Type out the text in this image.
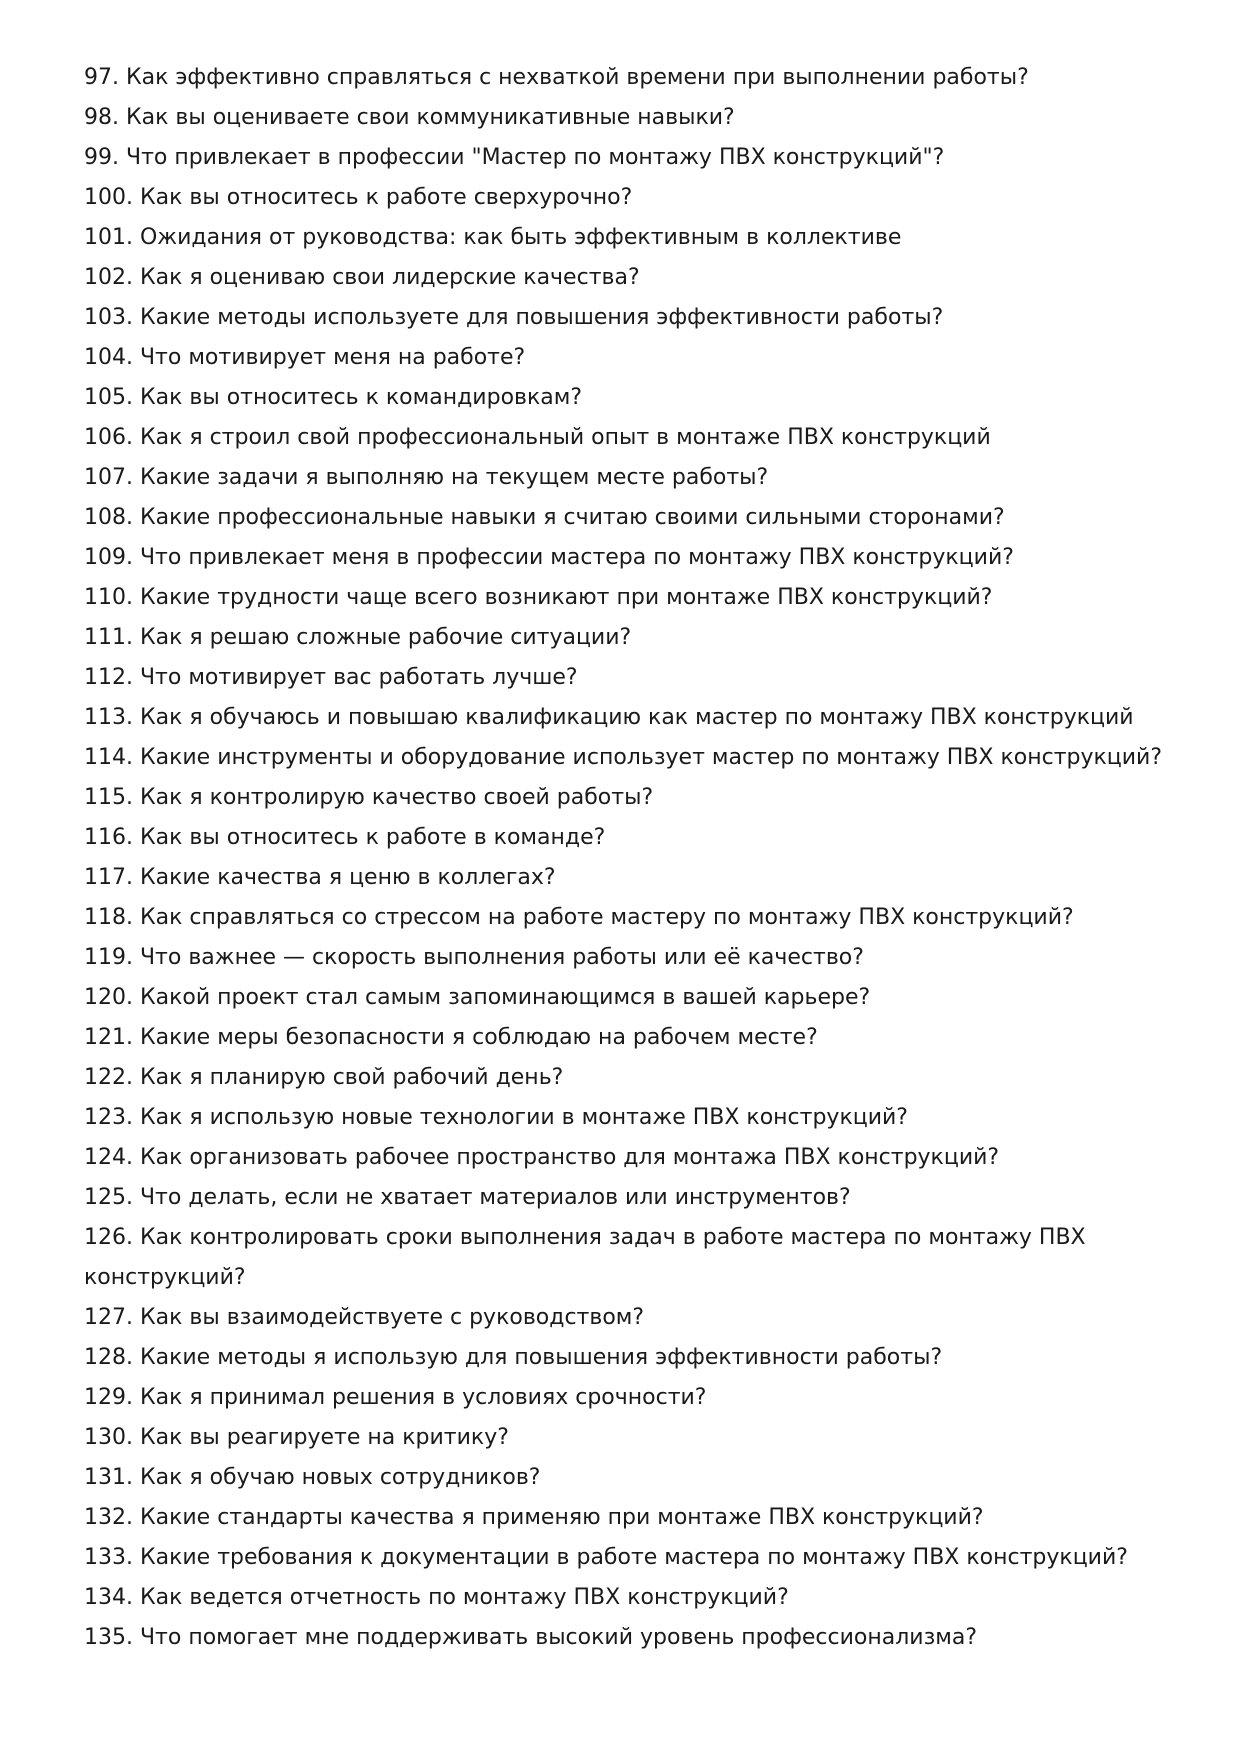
97. Как эффективно справляться с нехваткой времени при выполнении работы?
98. Как вы оцениваете свои коммуникативные навыки?
99. Что привлекает в профессии "Мастер по монтажу ПВХ конструкций"?
100. Как вы относитесь к работе сверхурочно?
101. Ожидания от руководства: как быть эффективным в коллективе
102. Как я оцениваю свои лидерские качества?
103. Какие методы используете для повышения эффективности работы?
104. Что мотивирует меня на работе?
105. Как вы относитесь к командировкам?
106. Как я строил свой профессиональный опыт в монтаже ПВХ конструкций
107. Какие задачи я выполняю на текущем месте работы?
108. Какие профессиональные навыки я считаю своими сильными сторонами?
109. Что привлекает меня в профессии мастера по монтажу ПВХ конструкций?
110. Какие трудности чаще всего возникают при монтаже ПВХ конструкций?
111. Как я решаю сложные рабочие ситуации?
112. Что мотивирует вас работать лучше?
113. Как я обучаюсь и повышаю квалификацию как мастер по монтажу ПВХ конструкций
114. Какие инструменты и оборудование использует мастер по монтажу ПВХ конструкций?
115. Как я контролирую качество своей работы?
116. Как вы относитесь к работе в команде?
117. Какие качества я ценю в коллегах?
118. Как справляться со стрессом на работе мастеру по монтажу ПВХ конструкций?
119. Что важнее — скорость выполнения работы или её качество?
120. Какой проект стал самым запоминающимся в вашей карьере?
121. Какие меры безопасности я соблюдаю на рабочем месте?
122. Как я планирую свой рабочий день?
123. Как я использую новые технологии в монтаже ПВХ конструкций?
124. Как организовать рабочее пространство для монтажа ПВХ конструкций?
125. Что делать, если не хватает материалов или инструментов?
126. Как контролировать сроки выполнения задач в работе мастера по монтажу ПВХ конструкций?
127. Как вы взаимодействуете с руководством?
128. Какие методы я использую для повышения эффективности работы?
129. Как я принимал решения в условиях срочности?
130. Как вы реагируете на критику?
131. Как я обучаю новых сотрудников?
132. Какие стандарты качества я применяю при монтаже ПВХ конструкций?
133. Какие требования к документации в работе мастера по монтажу ПВХ конструкций?
134. Как ведется отчетность по монтажу ПВХ конструкций?
135. Что помогает мне поддерживать высокий уровень профессионализма?
